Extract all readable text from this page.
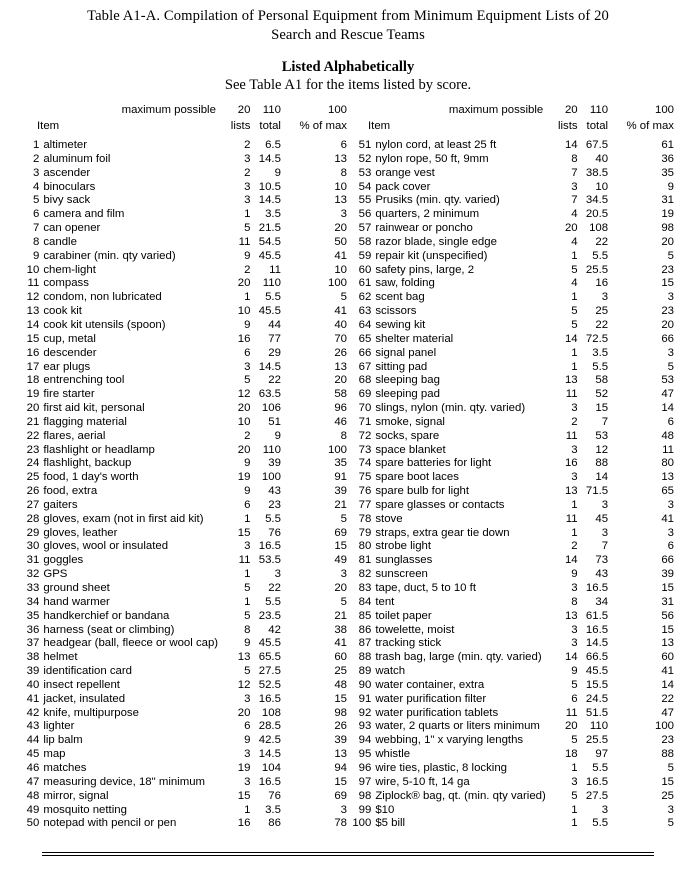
Table A1-A. Compilation of Personal Equipment from Minimum Equipment Lists of 20
Search and Rescue Teams
Listed Alphabetically
See Table A1 for the items listed by score.
maximum possible		20	110	100
Item		lists	total	% of max

1	altimeter	2	6.5	6
2	aluminum foil	3	14.5	13
3	ascender	2	9	8
4	binoculars	3	10.5	10
5	bivy sack	3	14.5	13
6	camera and film	1	3.5	3
7	can opener	5	21.5	20
8	candle	11	54.5	50
9	carabiner (min. qty varied)	9	45.5	41
10	chem-light	2	11	10
11	compass	20	110	100
12	condom, non lubricated	1	5.5	5
13	cook kit	10	45.5	41
14	cook kit utensils (spoon)	9	44	40
15	cup, metal	16	77	70
16	descender	6	29	26
17	ear plugs	3	14.5	13
18	entrenching tool	5	22	20
19	fire starter	12	63.5	58
20	first aid kit, personal	20	106	96
21	flagging material	10	51	46
22	flares, aerial	2	9	8
23	flashlight or headlamp	20	110	100
24	flashlight, backup	9	39	35
25	food, 1 day's worth	19	100	91
26	food, extra	9	43	39
27	gaiters	6	23	21
28	gloves, exam (not in first aid kit)	1	5.5	5
29	gloves, leather	15	76	69
30	gloves, wool or insulated	3	16.5	15
31	goggles	11	53.5	49
32	GPS	1	3	3
33	ground sheet	5	22	20
34	hand warmer	1	5.5	5
35	handkerchief or bandana	5	23.5	21
36	harness (seat or climbing)	8	42	38
37	headgear (ball, fleece or wool cap)	9	45.5	41
38	helmet	13	65.5	60
39	identification card	5	27.5	25
40	insect repellent	12	52.5	48
41	jacket, insulated	3	16.5	15
42	knife, multipurpose	20	108	98
43	lighter	6	28.5	26
44	lip balm	9	42.5	39
45	map	3	14.5	13
46	matches	19	104	94
47	measuring device, 18" minimum	3	16.5	15
48	mirror, signal	15	76	69
49	mosquito netting	1	3.5	3
50	notepad with pencil or pen	16	86	78
maximum possible		20	110	100
Item		lists	total	% of max

51	nylon cord, at least 25 ft	14	67.5	61
52	nylon rope, 50 ft, 9mm	8	40	36
53	orange vest	7	38.5	35
54	pack cover	3	10	9
55	Prusiks (min. qty. varied)	7	34.5	31
56	quarters, 2 minimum	4	20.5	19
57	rainwear or poncho	20	108	98
58	razor blade, single edge	4	22	20
59	repair kit (unspecified)	1	5.5	5
60	safety pins, large, 2	5	25.5	23
61	saw, folding	4	16	15
62	scent bag	1	3	3
63	scissors	5	25	23
64	sewing kit	5	22	20
65	shelter material	14	72.5	66
66	signal panel	1	3.5	3
67	sitting pad	1	5.5	5
68	sleeping bag	13	58	53
69	sleeping pad	11	52	47
70	slings, nylon (min. qty. varied)	3	15	14
71	smoke, signal	2	7	6
72	socks, spare	11	53	48
73	space blanket	3	12	11
74	spare batteries for light	16	88	80
75	spare boot laces	3	14	13
76	spare bulb for light	13	71.5	65
77	spare glasses or contacts	1	3	3
78	stove	11	45	41
79	straps, extra gear tie down	1	3	3
80	strobe light	2	7	6
81	sunglasses	14	73	66
82	sunscreen	9	43	39
83	tape, duct, 5 to 10 ft	3	16.5	15
84	tent	8	34	31
85	toilet paper	13	61.5	56
86	towelette, moist	3	16.5	15
87	tracking stick	3	14.5	13
88	trash bag, large (min. qty. varied)	14	66.5	60
89	watch	9	45.5	41
90	water container, extra	5	15.5	14
91	water purification filter	6	24.5	22
92	water purification tablets	11	51.5	47
93	water, 2 quarts or liters minimum	20	110	100
94	webbing, 1" x varying lengths	5	25.5	23
95	whistle	18	97	88
96	wire ties, plastic, 8 locking	1	5.5	5
97	wire, 5-10 ft, 14 ga	3	16.5	15
98	Ziplock® bag, qt. (min. qty varied)	5	27.5	25
99	$10	1	3	3
100	$5 bill	1	5.5	5
